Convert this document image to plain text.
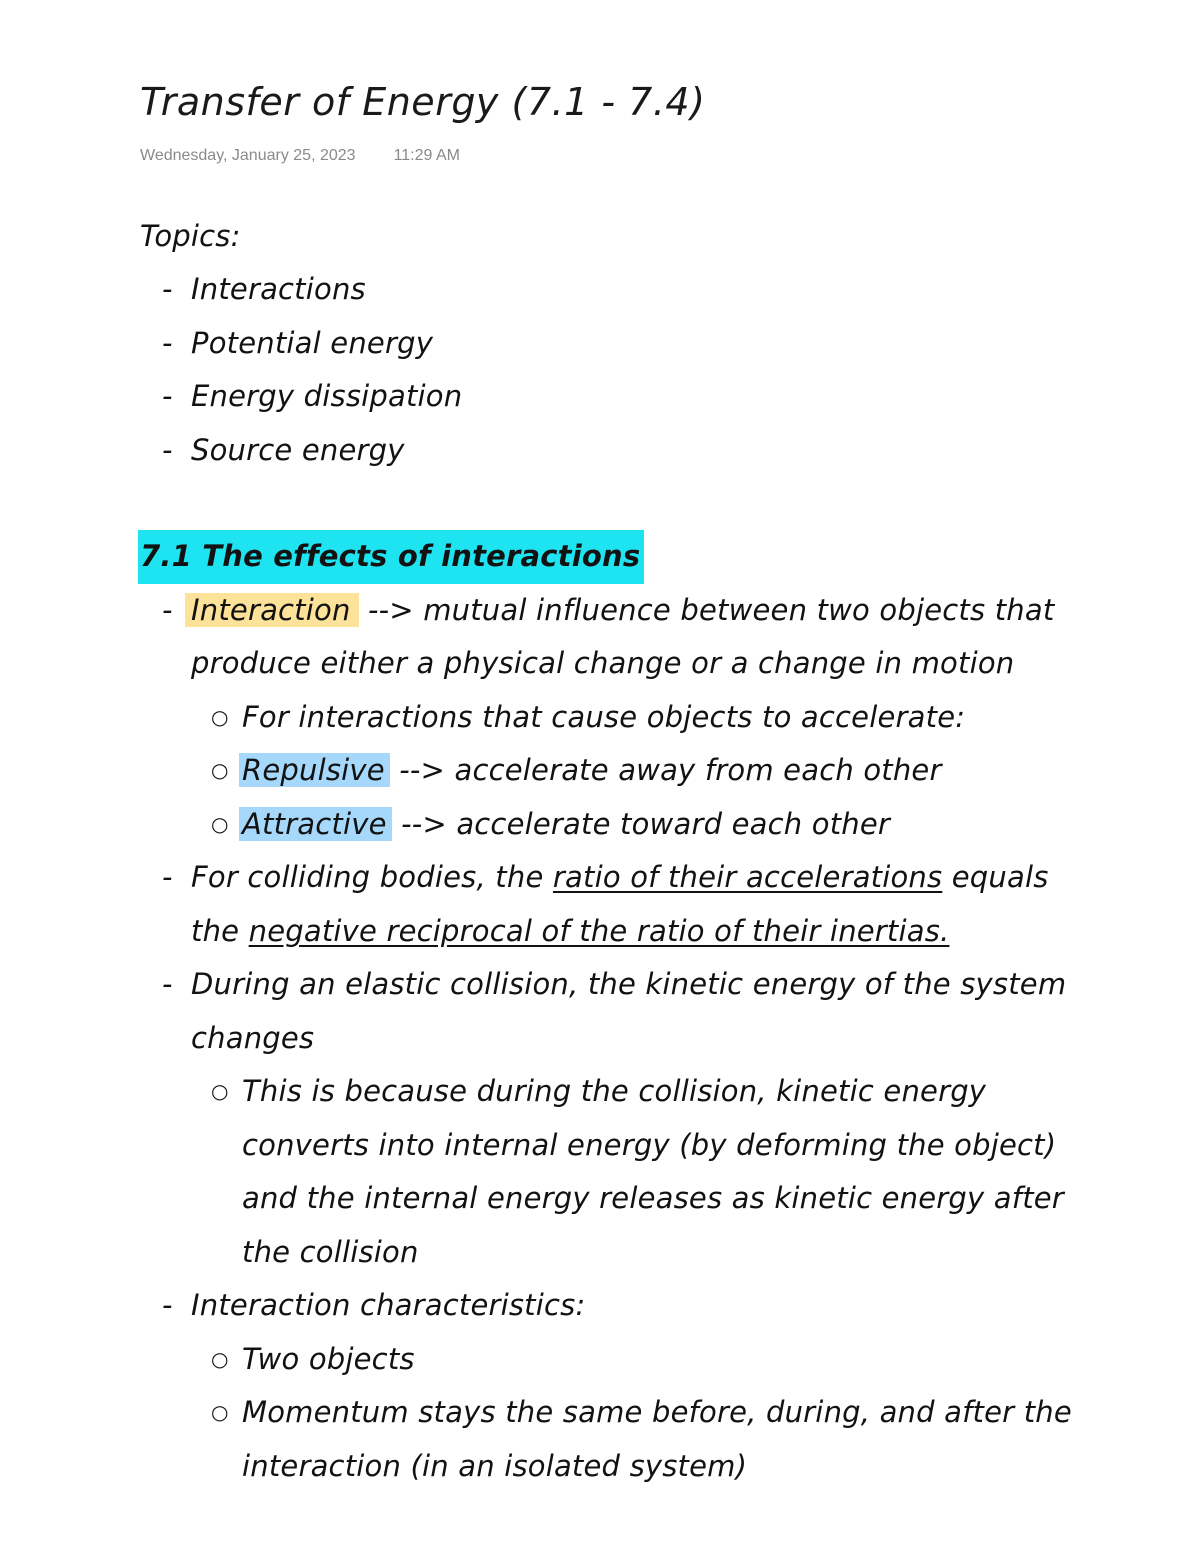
Transfer of Energy (7.1 - 7.4)
Wednesday, January 25, 2023 11:29 AM
Topics:
- Interactions
- Potential energy
- Energy dissipation
- Source energy
7.1 The effects of interactions
- Interaction --> mutual influence between two objects that
produce either a physical change or a change in motion
○ For interactions that cause objects to accelerate:
○ Repulsive --> accelerate away from each other
○ Attractive --> accelerate toward each other
- For colliding bodies, the ratio of their accelerations equals
the negative reciprocal of the ratio of their inertias.
- During an elastic collision, the kinetic energy of the system
changes
○ This is because during the collision, kinetic energy
converts into internal energy (by deforming the object)
and the internal energy releases as kinetic energy after
the collision
- Interaction characteristics:
○ Two objects
○ Momentum stays the same before, during, and after the
interaction (in an isolated system)
